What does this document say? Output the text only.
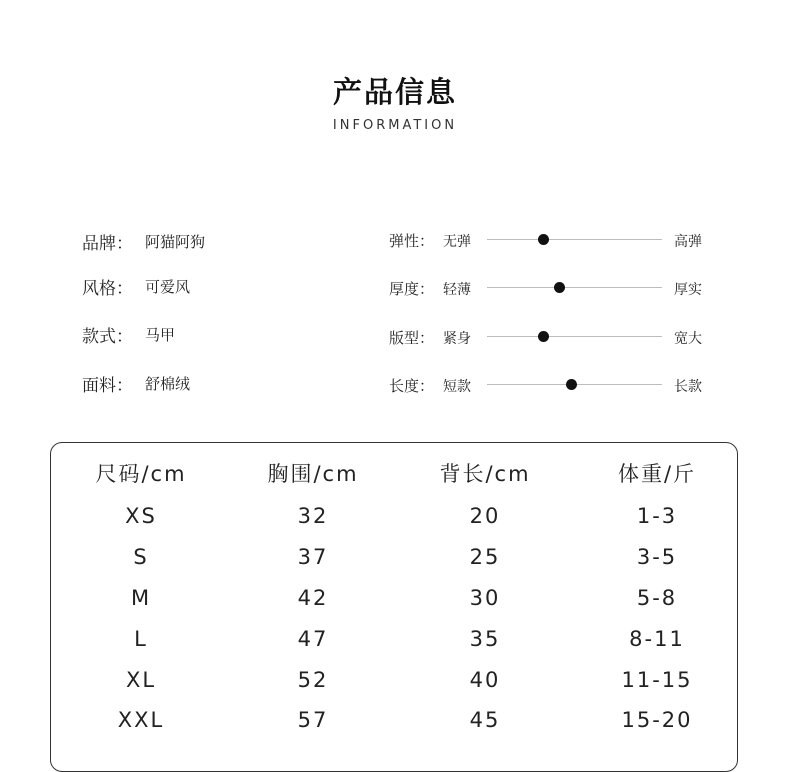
产品信息
INFORMATION
品牌： 阿猫阿狗
风格： 可爱风
款式： 马甲
面料： 舒棉绒
弹性： 无弹	高弹
厚度： 轻薄	厚实
版型： 紧身	宽大
长度： 短款	长款
尺码/cm	胸围/cm	背长/cm	体重/斤
XS	32	20	1-3
S	37	25	3-5
M	42	30	5-8
L	47	35	8-11
XL	52	40	11-15
XXL	57	45	15-20
